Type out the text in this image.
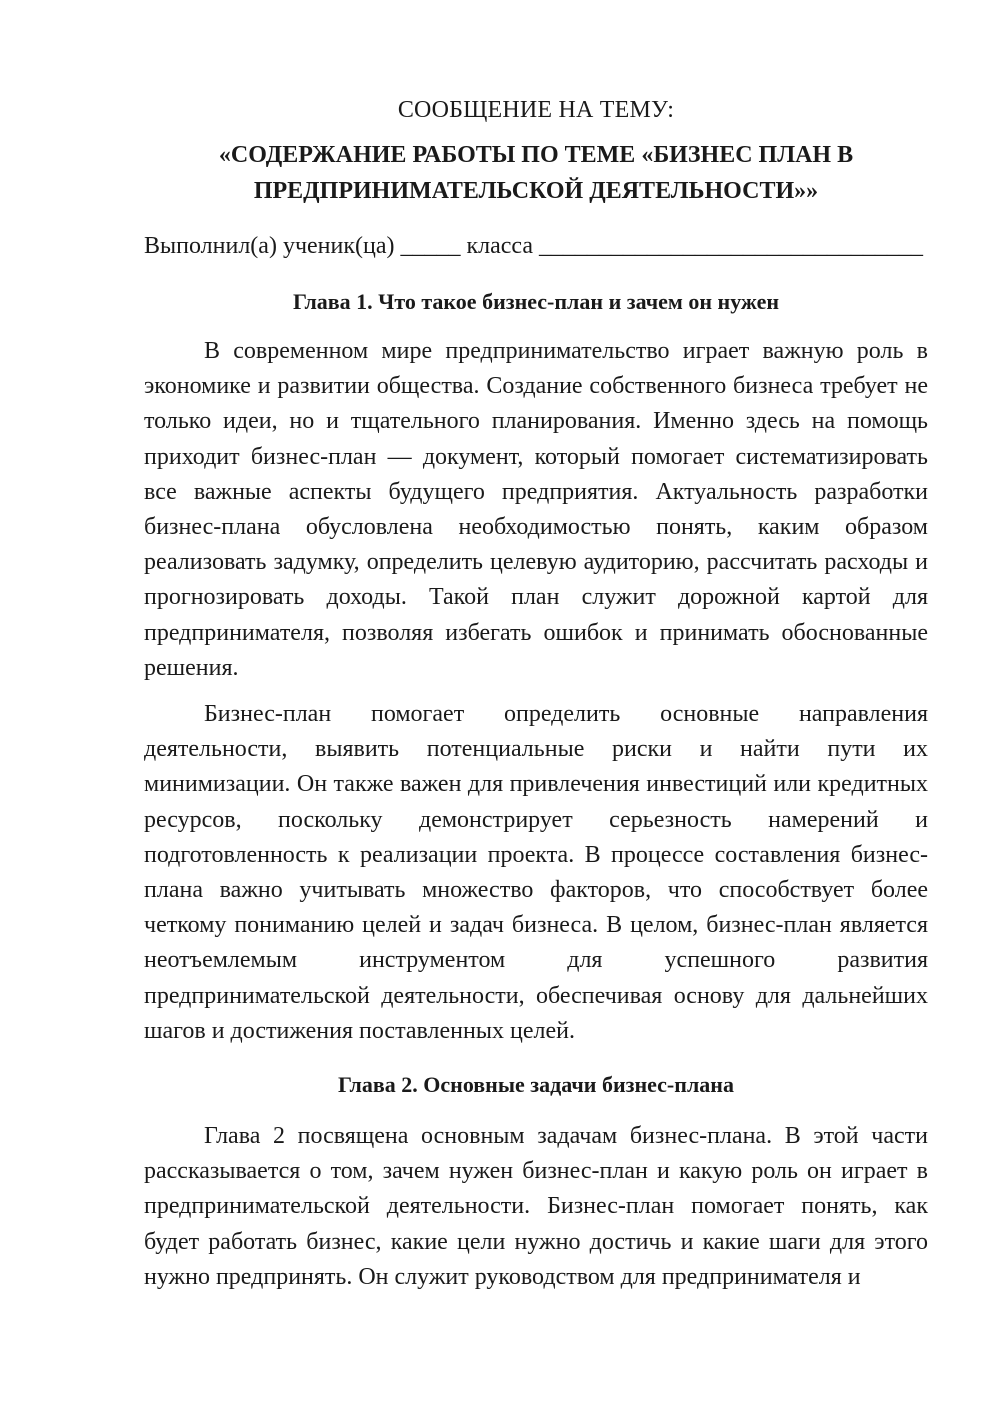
СООБЩЕНИЕ НА ТЕМУ:
«СОДЕРЖАНИЕ РАБОТЫ ПО ТЕМЕ «БИЗНЕС ПЛАН В ПРЕДПРИНИМАТЕЛЬСКОЙ ДЕЯТЕЛЬНОСТИ»»
Выполнил(а) ученик(ца) _____ класса ________________________________
Глава 1. Что такое бизнес-план и зачем он нужен

В современном мире предпринимательство играет важную роль в экономике и развитии общества. Создание собственного бизнеса требует не только идеи, но и тщательного планирования. Именно здесь на помощь приходит бизнес-план — документ, который помогает систематизировать все важные аспекты будущего предприятия. Актуальность разработки бизнес-плана обусловлена необходимостью понять, каким образом реализовать задумку, определить целевую аудиторию, рассчитать расходы и прогнозировать доходы. Такой план служит дорожной картой для предпринимателя, позволяя избегать ошибок и принимать обоснованные решения.

Бизнес-план помогает определить основные направления деятельности, выявить потенциальные риски и найти пути их минимизации. Он также важен для привлечения инвестиций или кредитных ресурсов, поскольку демонстрирует серьезность намерений и подготовленность к реализации проекта. В процессе составления бизнес-плана важно учитывать множество факторов, что способствует более четкому пониманию целей и задач бизнеса. В целом, бизнес-план является неотъемлемым инструментом для успешного развития предпринимательской деятельности, обеспечивая основу для дальнейших шагов и достижения поставленных целей.

Глава 2. Основные задачи бизнес-плана

Глава 2 посвящена основным задачам бизнес-плана. В этой части рассказывается о том, зачем нужен бизнес-план и какую роль он играет в предпринимательской деятельности. Бизнес-план помогает понять, как будет работать бизнес, какие цели нужно достичь и какие шаги для этого нужно предпринять. Он служит руководством для предпринимателя и
